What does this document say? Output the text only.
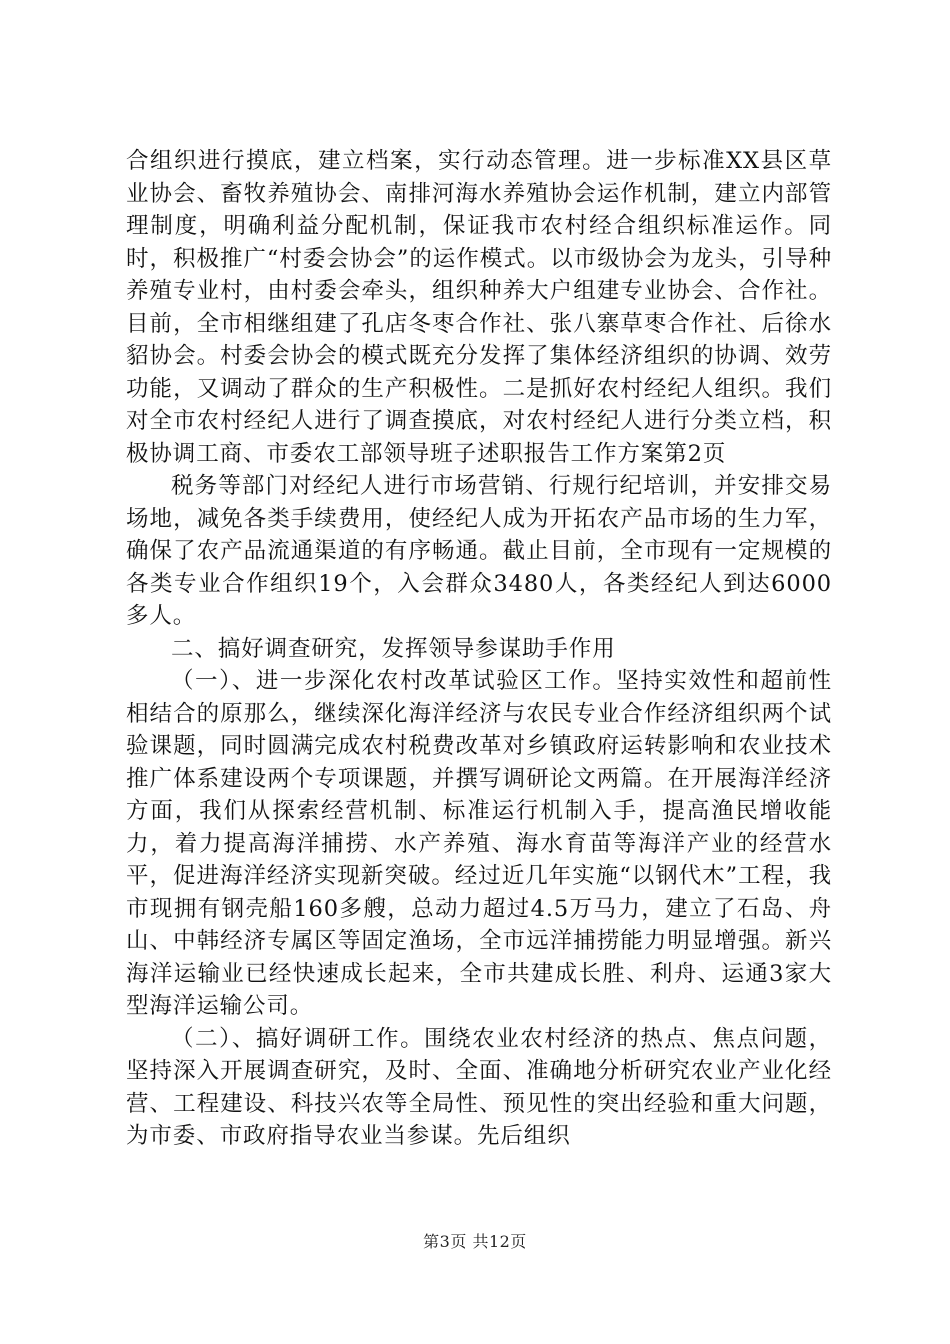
合组织进行摸底，建立档案，实行动态管理。进一步标准XX县区草业协会、畜牧养殖协会、南排河海水养殖协会运作机制，建立内部管理制度，明确利益分配机制，保证我市农村经合组织标准运作。同时，积极推广“村委会协会”的运作模式。以市级协会为龙头，引导种养殖专业村，由村委会牵头，组织种养大户组建专业协会、合作社。目前，全市相继组建了孔店冬枣合作社、张八寨草枣合作社、后徐水貂协会。村委会协会的模式既充分发挥了集体经济组织的协调、效劳功能，又调动了群众的生产积极性。二是抓好农村经纪人组织。我们对全市农村经纪人进行了调查摸底，对农村经纪人进行分类立档，积极协调工商、市委农工部领导班子述职报告工作方案第2页

税务等部门对经纪人进行市场营销、行规行纪培训，并安排交易场地，减免各类手续费用，使经纪人成为开拓农产品市场的生力军，确保了农产品流通渠道的有序畅通。截止目前，全市现有一定规模的各类专业合作组织19个，入会群众3480人，各类经纪人到达6000多人。

二、搞好调查研究，发挥领导参谋助手作用

（一）、进一步深化农村改革试验区工作。坚持实效性和超前性相结合的原那么，继续深化海洋经济与农民专业合作经济组织两个试验课题，同时圆满完成农村税费改革对乡镇政府运转影响和农业技术推广体系建设两个专项课题，并撰写调研论文两篇。在开展海洋经济方面，我们从探索经营机制、标准运行机制入手，提高渔民增收能力，着力提高海洋捕捞、水产养殖、海水育苗等海洋产业的经营水平，促进海洋经济实现新突破。经过近几年实施“以钢代木”工程，我市现拥有钢壳船160多艘，总动力超过4.5万马力，建立了石岛、舟山、中韩经济专属区等固定渔场，全市远洋捕捞能力明显增强。新兴海洋运输业已经快速成长起来，全市共建成长胜、利舟、运通3家大型海洋运输公司。

（二）、搞好调研工作。围绕农业农村经济的热点、焦点问题，坚持深入开展调查研究，及时、全面、准确地分析研究农业产业化经营、工程建设、科技兴农等全局性、预见性的突出经验和重大问题，为市委、市政府指导农业当参谋。先后组织

第3页 共12页
